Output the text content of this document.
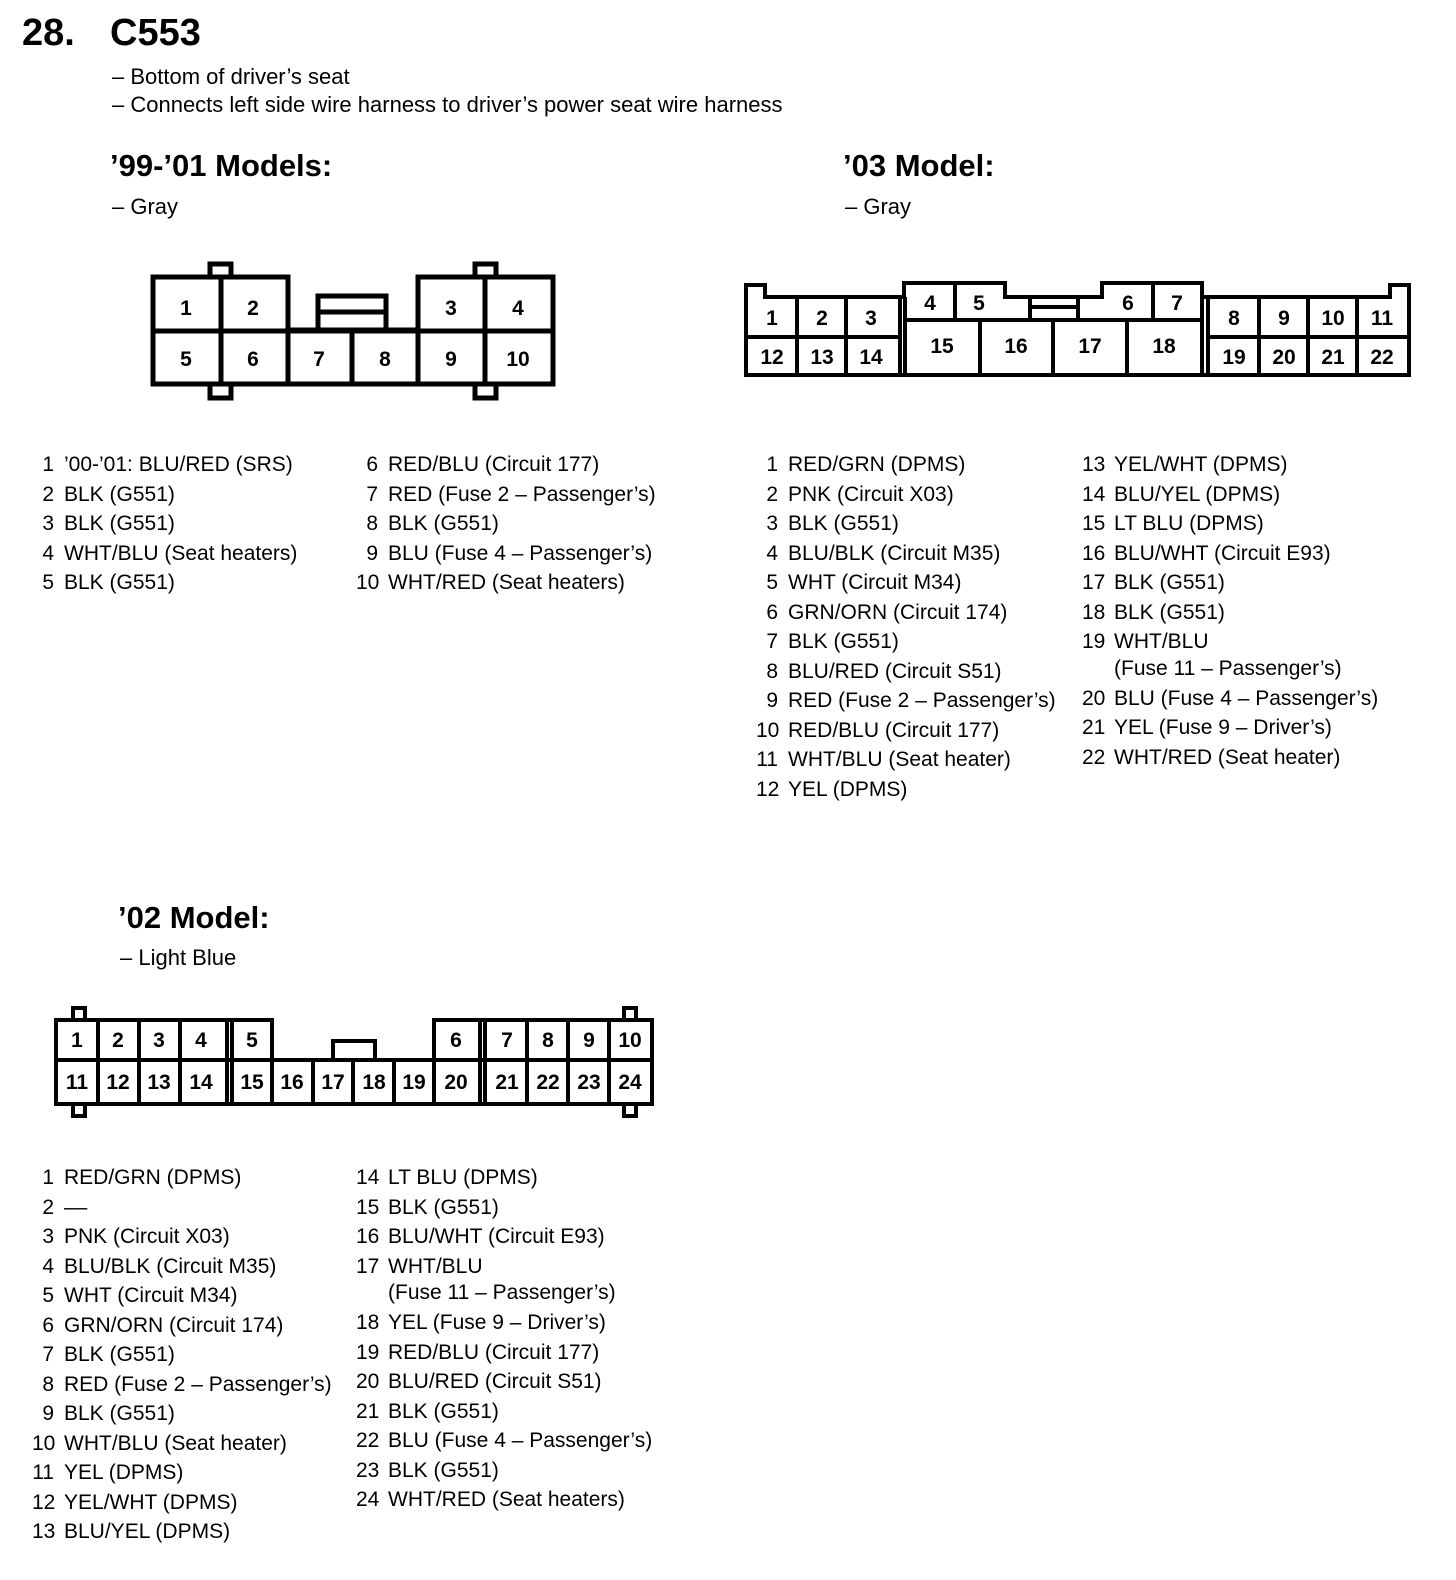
28. C553
– Bottom of driver’s seat
– Connects left side wire harness to driver’s power seat wire harness
’99-’01 Models:
– Gray
’03 Model:
– Gray
’02 Model:
– Light Blue
1	2	3	4
5	6	7	8	9 10
1 2 3
4 5	6 7
8 9 10 11
12 13 14 15 16 17 18 19 20 21 22
1 2 3 4 5	6 7 8 9 10
11 12 13 14 15 16 17 18 19 20 21 22 23 24
1 ’00-’01: BLU/RED (SRS)
2 BLK (G551)
3 BLK (G551)
4 WHT/BLU (Seat heaters)
5 BLK (G551)
6 RED/BLU (Circuit 177)
7 RED (Fuse 2 – Passenger’s)
8 BLK (G551)
9 BLU (Fuse 4 – Passenger’s)
10 WHT/RED (Seat heaters)
1 RED/GRN (DPMS)
2 PNK (Circuit X03)
3 BLK (G551)
4 BLU/BLK (Circuit M35)
5 WHT (Circuit M34)
6 GRN/ORN (Circuit 174)
7 BLK (G551)
8 BLU/RED (Circuit S51)
9 RED (Fuse 2 – Passenger’s)
10 RED/BLU (Circuit 177)
11 WHT/BLU (Seat heater)
12 YEL (DPMS)
13 YEL/WHT (DPMS)
14 BLU/YEL (DPMS)
15 LT BLU (DPMS)
16 BLU/WHT (Circuit E93)
17 BLK (G551)
18 BLK (G551)
19 WHT/BLU
(Fuse 11 – Passenger’s)
20 BLU (Fuse 4 – Passenger’s)
21 YEL (Fuse 9 – Driver’s)
22 WHT/RED (Seat heater)
1 RED/GRN (DPMS)
2 ––
3 PNK (Circuit X03)
4 BLU/BLK (Circuit M35)
5 WHT (Circuit M34)
6 GRN/ORN (Circuit 174)
7 BLK (G551)
8 RED (Fuse 2 – Passenger’s)
9 BLK (G551)
10 WHT/BLU (Seat heater)
11 YEL (DPMS)
12 YEL/WHT (DPMS)
13 BLU/YEL (DPMS)
14 LT BLU (DPMS)
15 BLK (G551)
16 BLU/WHT (Circuit E93)
17 WHT/BLU
(Fuse 11 – Passenger’s)
18 YEL (Fuse 9 – Driver’s)
19 RED/BLU (Circuit 177)
20 BLU/RED (Circuit S51)
21 BLK (G551)
22 BLU (Fuse 4 – Passenger’s)
23 BLK (G551)
24 WHT/RED (Seat heaters)
